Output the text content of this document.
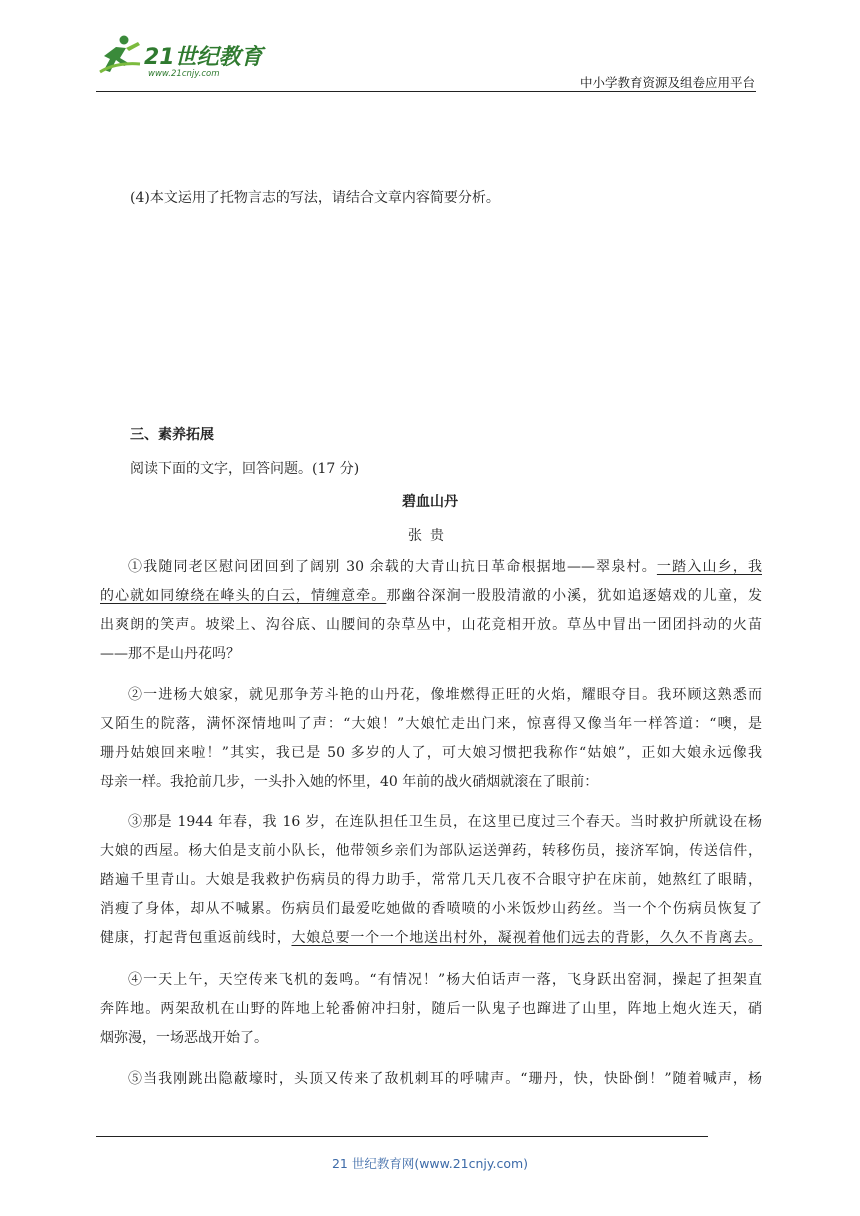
21世纪教育
www.21cnjy.com
中小学教育资源及组卷应用平台
(4)本文运用了托物言志的写法，请结合文章内容简要分析。
三、素养拓展
阅读下面的文字，回答问题。(17 分)
碧血山丹
张贵
①我随同老区慰问团回到了阔别 30 余载的大青山抗日革命根据地——翠泉村。一踏入山乡，我
的心就如同缭绕在峰头的白云，情缠意牵。那幽谷深涧一股股清澈的小溪，犹如追逐嬉戏的儿童，发
出爽朗的笑声。坡梁上、沟谷底、山腰间的杂草丛中，山花竞相开放。草丛中冒出一团团抖动的火苗
——那不是山丹花吗？
②一进杨大娘家，就见那争芳斗艳的山丹花，像堆燃得正旺的火焰，耀眼夺目。我环顾这熟悉而
又陌生的院落，满怀深情地叫了声：“大娘！”大娘忙走出门来，惊喜得又像当年一样答道：“噢，是
珊丹姑娘回来啦！”其实，我已是 50 多岁的人了，可大娘习惯把我称作“姑娘”，正如大娘永远像我
母亲一样。我抢前几步，一头扑入她的怀里，40 年前的战火硝烟就滚在了眼前：
③那是 1944 年春，我 16 岁，在连队担任卫生员，在这里已度过三个春天。当时救护所就设在杨
大娘的西屋。杨大伯是支前小队长，他带领乡亲们为部队运送弹药，转移伤员，接济军饷，传送信件，
踏遍千里青山。大娘是我救护伤病员的得力助手，常常几天几夜不合眼守护在床前，她熬红了眼睛，
消瘦了身体，却从不喊累。伤病员们最爱吃她做的香喷喷的小米饭炒山药丝。当一个个伤病员恢复了
健康，打起背包重返前线时，大娘总要一个一个地送出村外，凝视着他们远去的背影，久久不肯离去。
④一天上午，天空传来飞机的轰鸣。“有情况！”杨大伯话声一落，飞身跃出窑洞，操起了担架直
奔阵地。两架敌机在山野的阵地上轮番俯冲扫射，随后一队鬼子也蹿进了山里，阵地上炮火连天，硝
烟弥漫，一场恶战开始了。
⑤当我刚跳出隐蔽壕时，头顶又传来了敌机刺耳的呼啸声。“珊丹，快，快卧倒！”随着喊声，杨
21 世纪教育网(www.21cnjy.com)
